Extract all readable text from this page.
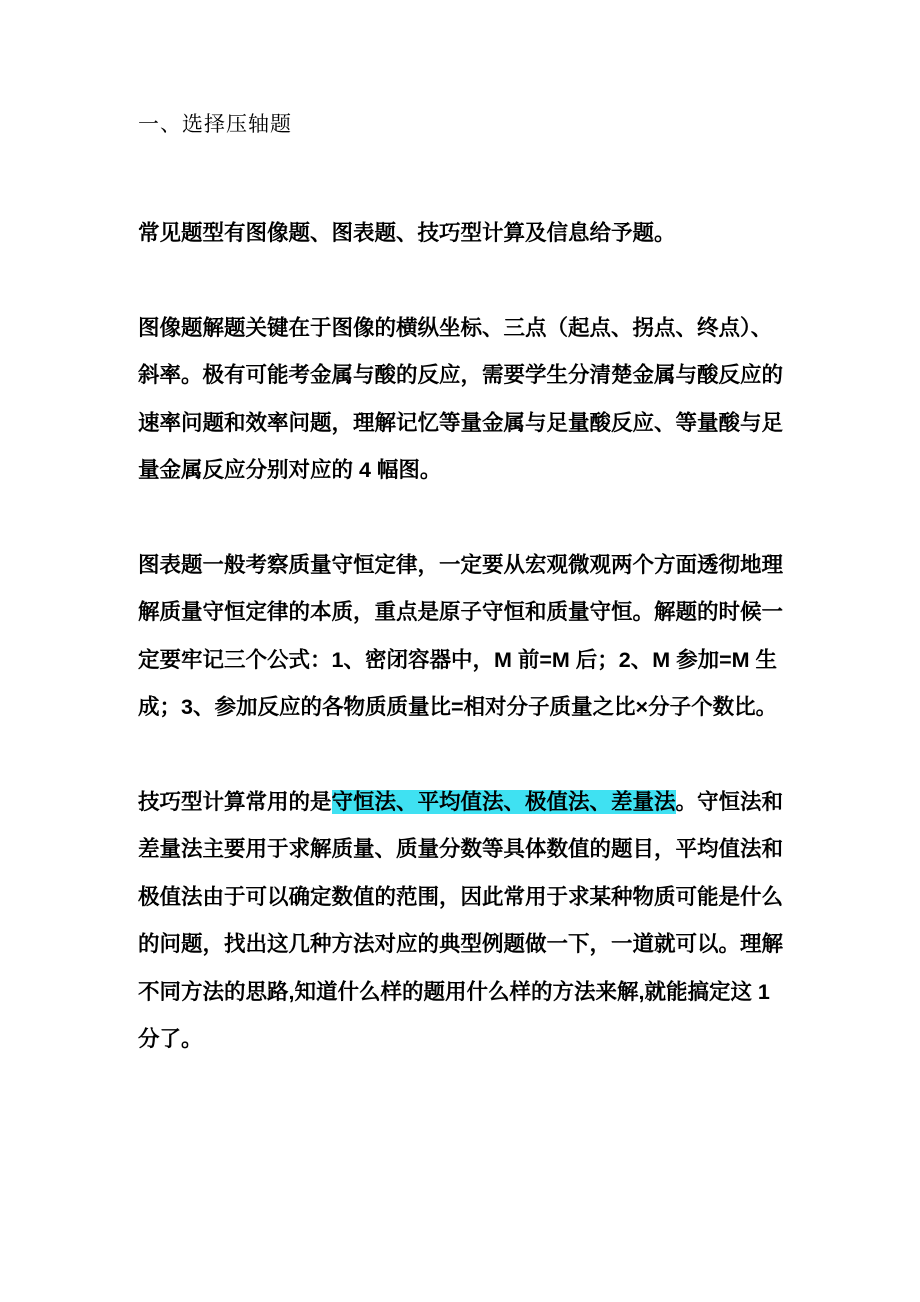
一、选择压轴题
常见题型有图像题、图表题、技巧型计算及信息给予题。
图像题解题关键在于图像的横纵坐标、三点（起点、拐点、终点）、
斜率。极有可能考金属与酸的反应，需要学生分清楚金属与酸反应的
速率问题和效率问题，理解记忆等量金属与足量酸反应、等量酸与足
量金属反应分别对应的 4 幅图。
图表题一般考察质量守恒定律，一定要从宏观微观两个方面透彻地理
解质量守恒定律的本质，重点是原子守恒和质量守恒。解题的时候一
定要牢记三个公式：1、密闭容器中，M 前=M 后；2、M 参加=M 生
成；3、参加反应的各物质质量比=相对分子质量之比×分子个数比。
技巧型计算常用的是守恒法、平均值法、极值法、差量法。守恒法和
差量法主要用于求解质量、质量分数等具体数值的题目，平均值法和
极值法由于可以确定数值的范围，因此常用于求某种物质可能是什么
的问题，找出这几种方法对应的典型例题做一下，一道就可以。理解
不同方法的思路,知道什么样的题用什么样的方法来解,就能搞定这 1
分了。
